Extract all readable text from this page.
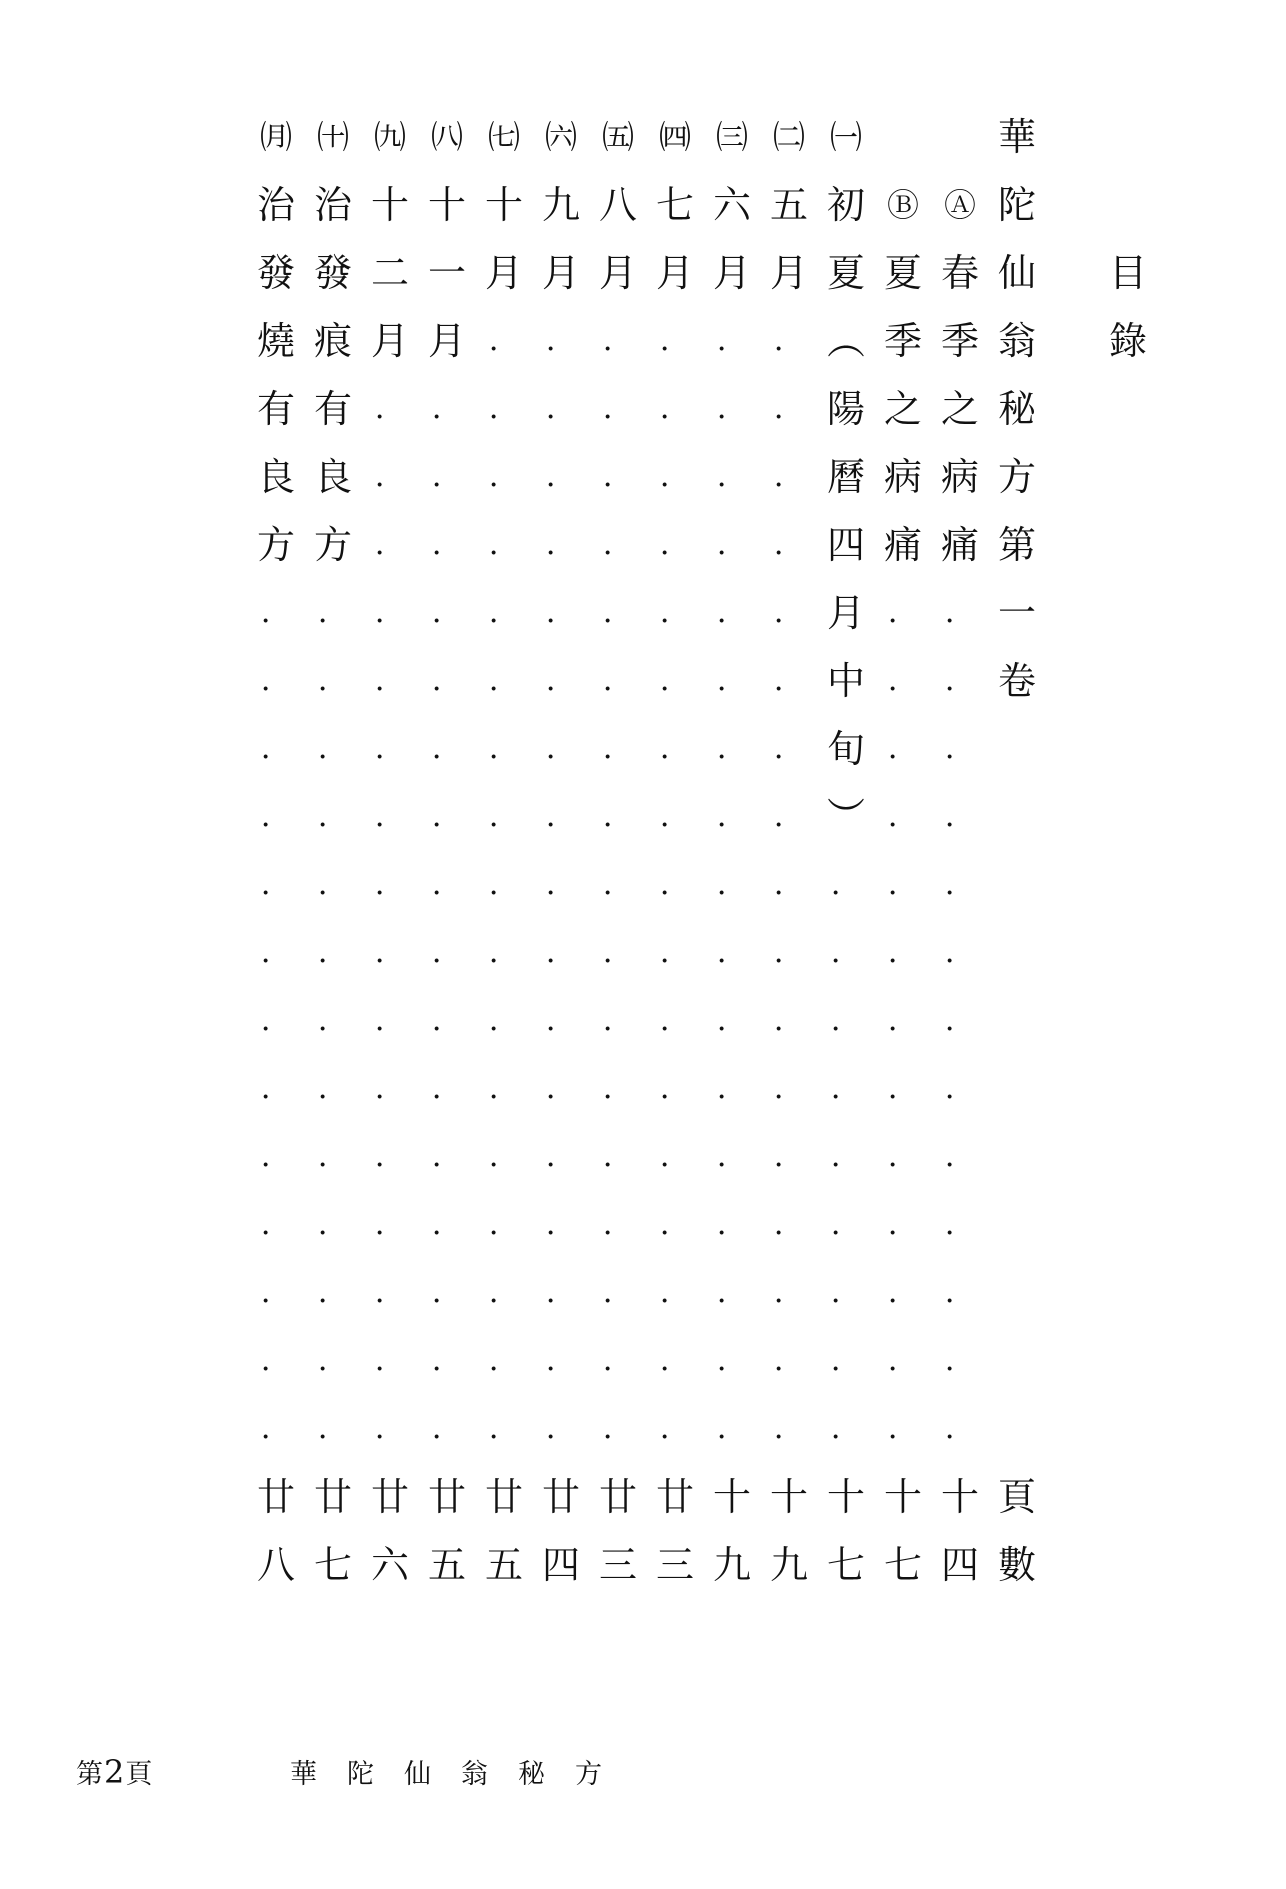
目
錄
華
陀
仙
翁
秘
方
第
一
卷
頁
數
Ⓐ
春
季
之
病
痛
．
．
．
．
．
．
．
．
．
．
．
．
．
十
四
Ⓑ
夏
季
之
病
痛
．
．
．
．
．
．
．
．
．
．
．
．
．
十
七
㈠
初
夏
︵
陽
曆
四
月
中
旬
︶
．
．
．
．
．
．
．
．
．
十
七
㈡
五
月
．
．
．
．
．
．
．
．
．
．
．
．
．
．
．
．
．
十
九
㈢
六
月
．
．
．
．
．
．
．
．
．
．
．
．
．
．
．
．
．
十
九
㈣
七
月
．
．
．
．
．
．
．
．
．
．
．
．
．
．
．
．
．
廿
三
㈤
八
月
．
．
．
．
．
．
．
．
．
．
．
．
．
．
．
．
．
廿
三
㈥
九
月
．
．
．
．
．
．
．
．
．
．
．
．
．
．
．
．
．
廿
四
㈦
十
月
．
．
．
．
．
．
．
．
．
．
．
．
．
．
．
．
．
廿
五
㈧
十
一
月
．
．
．
．
．
．
．
．
．
．
．
．
．
．
．
．
廿
五
㈨
十
二
月
．
．
．
．
．
．
．
．
．
．
．
．
．
．
．
．
廿
六
㈩
治
發
痕
有
良
方
．
．
．
．
．
．
．
．
．
．
．
．
．
廿
七
㈪
治
發
燒
有
良
方
．
．
．
．
．
．
．
．
．
．
．
．
．
廿
八
第2頁	華陀仙翁秘方
